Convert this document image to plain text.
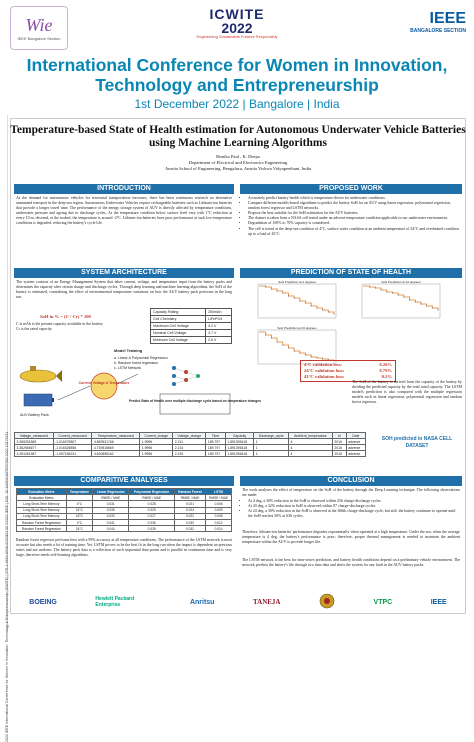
Wie
IEEE Bangalore Section
ICWITE
2022
Engineering Sustainable Futures Responsibly
IEEE
BANGALORE SECTION
International Conference for Women in Innovation, Technology and Entrepreneurship
1st December 2022 | Bangalore | India
2022 IEEE International Conference for Women in Innovation, Technology & Entrepreneurship (ICWITE) | 978-1-6654-8938-0/22/$31.00 ©2022 IEEE | DOI: 10.1109/ICWITE57052.2022.10176211
Temperature-based State of Health estimation for Autonomous Underwater Vehicle Batteries using Machine Learning Algorithms
Rimika Paul , K. Deepa
Department of Electrical and Electronics Engineering
Amrita School of Engineering, Bengaluru, Amrita Vishwa Vidyapeetham, India
INTRODUCTION
As the demand for autonomous vehicles for terrestrial transportation increases, there has been continuous research on alternative unmanned transport in the deep-sea region. Autonomous Underwater Vehicles require rechargeable batteries such as Lithium-ion batteries that provide a longer travel time. The performance of the energy storage system of AUV is directly affected by temperature conditions, underwater pressure and ageing due to discharge cycles. As the temperature condition below surface level vary with 1°C reduction at every 10 m, descend, at the seabed, the temperature is around -2°C. Lithium-ion batteries have poor performance at such low-temperature conditions is degraded, reducing the battery's cycle life.
PROPOSED WORK
• Accurately predict battery health which is temperature driven for underwater conditions.
• Compare different models-based algorithms to predict the battery SoH for an AUV using linear regression, polynomial regression, random forest regressor and LSTM networks.
• Propose the best suitable for the SoH estimation for the AUV batteries.
• The dataset is taken from a NASA cell tested under an adverse temperature condition applicable to our underwater environment.
• Degradation of 100% to 70% capacity is considered.
• The cell is tested at the deep-sea condition of 4°C, surface water condition at an ambient temperature of 24°C and overheated condition up to a load of 43°C.
SYSTEM ARCHITECTURE
The system consists of an Energy Management System that takes current, voltage, and temperature input from the battery packs and determines the capacity after certain charge and discharge cycles. Through deep learning and machine learning algorithms, the SoH of the battery is estimated, considering the effect of environmental temperature variations on how the AUV battery pack performs in the long run.
SoH in % = (C / Cr) * 100
C is mAh is the present capacity available in the battery
Cr is the rated capacity
Capacity Rating	200mAh
Cell Chemistry	LiFePO4
Maximum Cell Voltage	4.2 V
Nominal Cell Voltage	3.7 V
Minimum Cell Voltage	2.5 V
AUV Battery Pack
Current, Voltage & Temperature
Model Training
a. Linear & Polynomial Regression
b. Random forest regression
c. LSTM Network
Predict State of Health over multiple discharge cycle based on temperature changes
PREDICTION OF STATE OF HEALTH
SoH Prediction at 4 degrees	SoH Prediction at 24 degrees
SoH Prediction at 43 degrees
4°C validation loss:	0.26%
24°C validation loss:	0.79%
43°C validation loss:	0.2%
The SoH of the battery is derived from the capacity of the battery by dividing the predicted capacity by the total rated capacity. The LSTM model's prediction is also compared with the multiple regression models such as linear regression, polynomial regression and random forest regressor.
Voltage_measured	Current_measured	Temperature_measured	Current_charge	Voltage_charge	Time	Capacity	Discharge_cycle	Ambient_temperature	id	Date
3.365251869	-1.016075807	4.859531766	1.9996	2.211	189.797	1.891395418	1	4	2016	adverse
3.362566677	-1.016325856	4.739518869	1.9996	2.214	189.797	1.891395418	1	4	2016	adverse
3.351261587	-1.057156231	4.620898162	1.9996	2.215	189.797	1.891395418	1	4	2016	adverse
SOH predicted in NASA CELL DATASET
COMPARITIVE ANALYSES
Evaluation Metric	Temperature	Linear Regression	Polynomial Regression	Random Forest	LSTM
Evaluation Metric		RMSE / MAE	RMSE / MAE	RMSE / MAE	RMSE / MAE
Long Short-Term Memory	4°C	0.031	0.028	0.021	0.006
Long Short-Term Memory	24°C	0.035	0.029	0.024	0.009
Long Short-Term Memory	43°C	0.033	0.027	0.022	0.005
Random Forest Regression	4°C	0.041	0.036	0.030	0.012
Random Forest Regression	24°C	0.044	0.039	0.032	0.014
Random forest regressor performs best with a 99% accuracy at all temperature conditions. The performance of the LSTM network is most accurate but also needs a lot of training time. Yet, LSTM proves to be the best fit in the long run when the impact is dependent on previous states and not uniform. The battery pack data is a collection of such sequential data points and is parallel in continuous time and is very large, therefore needs self-learning algorithms.
CONCLUSION
The work analyses the effect of temperature on the SoH of the battery through the Deep Learning technique. The following observations are made:
• At 4 deg, a 30% reduction in the SoH is observed within 256 charge-discharge cycles
• At 43 deg, a 32% reduction in SoH is observed within 87 charge-discharge cycles.
• At 24 deg, a 30% reduction in the SoH is observed at the 366th charge-discharge cycle, but still, the battery continues to operate until the SoH reaches 50% at 636 cycles.
Therefore, lithium-ion batteries' performance degrades exponentially when operated at a high temperature. Under the sea, when the average temperature is 4 deg, the battery's performance is poor; therefore, proper thermal management is needed to maintain the ambient temperature within the AUV to provide longer life.
The LSTM network is the best for time-series prediction, and battery health conditions depend on a preliminary vehicle environment. The network predicts the battery's life through two time data and alerts the system for any fault in the AUV battery packs.
BOEING	Hewlett Packard Enterprise	Anritsu	TANEJA	VTPC	IEEE
